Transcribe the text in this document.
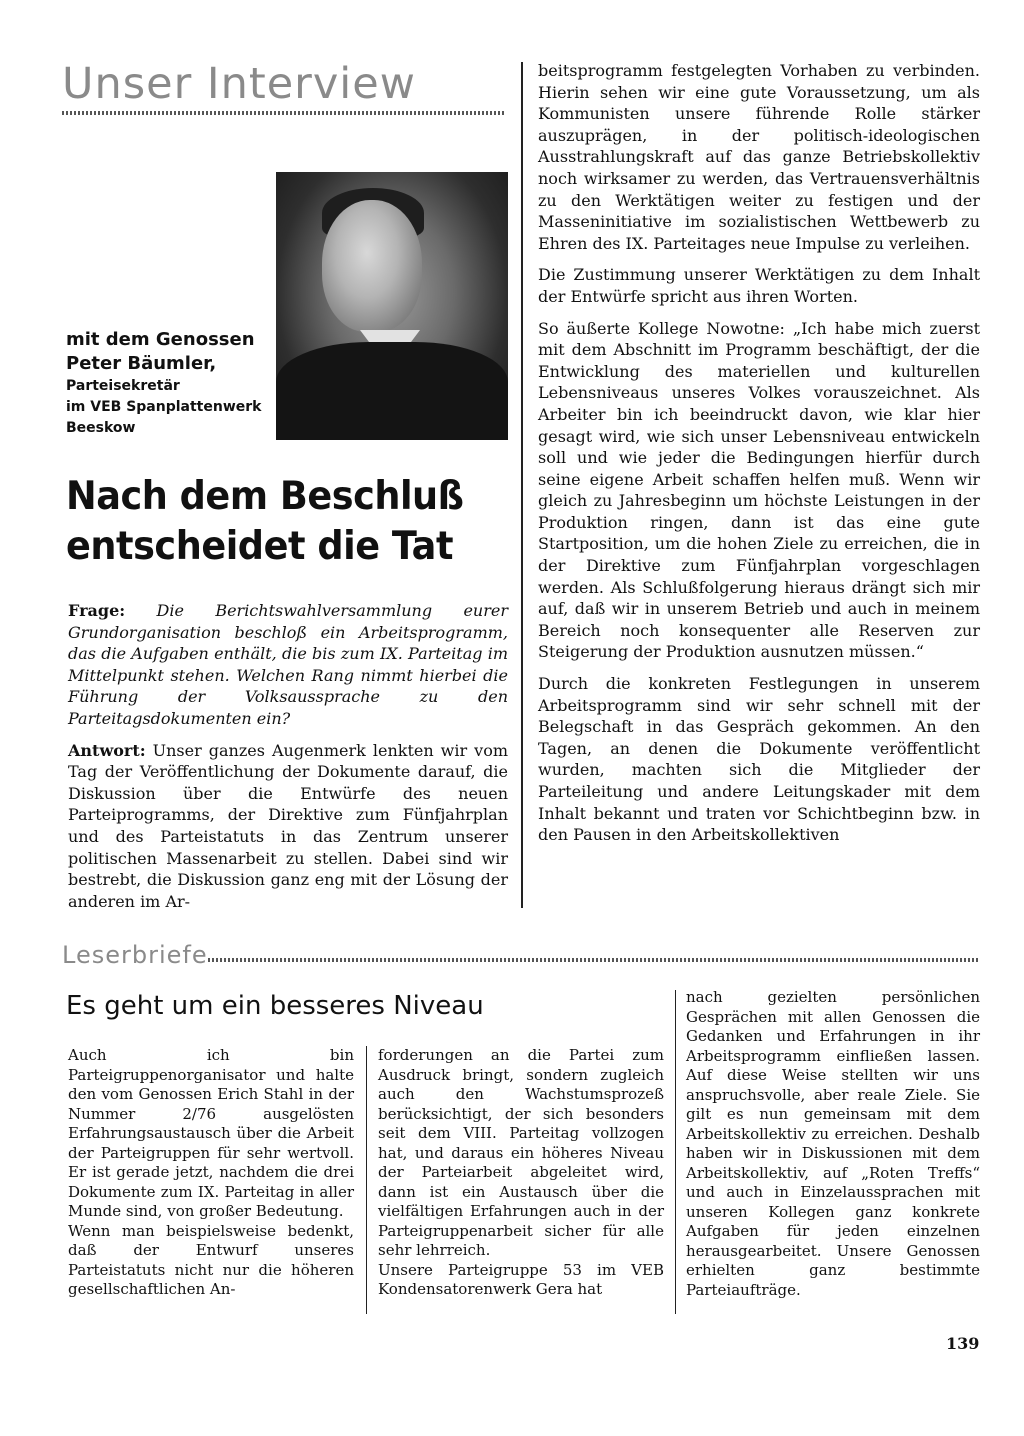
Unser Interview
mit dem Genossen
Peter Bäumler,
Parteisekretär
im VEB Spanplattenwerk
Beeskow
Nach dem Beschluß
entscheidet die Tat

Frage: Die Berichtswahlversammlung eurer Grundorganisation beschloß ein Arbeitsprogramm, das die Aufgaben enthält, die bis zum IX. Parteitag im Mittelpunkt stehen. Welchen Rang nimmt hierbei die Führung der Volksaussprache zu den Parteitagsdokumenten ein?

Antwort: Unser ganzes Augenmerk lenkten wir vom Tag der Veröffentlichung der Dokumente darauf, die Diskussion über die Entwürfe des neuen Parteiprogramms, der Direktive zum Fünfjahrplan und des Parteistatuts in das Zentrum unserer politischen Massenarbeit zu stellen. Dabei sind wir bestrebt, die Diskussion ganz eng mit der Lösung der anderen im Ar-

beitsprogramm festgelegten Vorhaben zu verbinden. Hierin sehen wir eine gute Voraussetzung, um als Kommunisten unsere führende Rolle stärker auszuprägen, in der politisch-ideologischen Ausstrahlungskraft auf das ganze Betriebskollektiv noch wirksamer zu werden, das Vertrauensverhältnis zu den Werktätigen weiter zu festigen und der Masseninitiative im sozialistischen Wettbewerb zu Ehren des IX. Parteitages neue Impulse zu verleihen.

Die Zustimmung unserer Werktätigen zu dem Inhalt der Entwürfe spricht aus ihren Worten.

So äußerte Kollege Nowotne: „Ich habe mich zuerst mit dem Abschnitt im Programm beschäftigt, der die Entwicklung des materiellen und kulturellen Lebensniveaus unseres Volkes vorauszeichnet. Als Arbeiter bin ich beeindruckt davon, wie klar hier gesagt wird, wie sich unser Lebensniveau entwickeln soll und wie jeder die Bedingungen hierfür durch seine eigene Arbeit schaffen helfen muß. Wenn wir gleich zu Jahresbeginn um höchste Leistungen in der Produktion ringen, dann ist das eine gute Startposition, um die hohen Ziele zu erreichen, die in der Direktive zum Fünfjahrplan vorgeschlagen werden. Als Schlußfolgerung hieraus drängt sich mir auf, daß wir in unserem Betrieb und auch in meinem Bereich noch konsequenter alle Reserven zur Steigerung der Produktion ausnutzen müssen.“

Durch die konkreten Festlegungen in unserem Arbeitsprogramm sind wir sehr schnell mit der Belegschaft in das Gespräch gekommen. An den Tagen, an denen die Dokumente veröffentlicht wurden, machten sich die Mitglieder der Parteileitung und andere Leitungskader mit dem Inhalt bekannt und traten vor Schichtbeginn bzw. in den Pausen in den Arbeitskollektiven

Leserbriefe
Es geht um ein besseres Niveau

Auch ich bin Parteigruppenorganisator und halte den vom Genossen Erich Stahl in der Nummer 2/76 ausgelösten Erfahrungsaustausch über die Arbeit der Parteigruppen für sehr wertvoll. Er ist gerade jetzt, nachdem die drei Dokumente zum IX. Parteitag in aller Munde sind, von großer Bedeutung.

Wenn man beispielsweise bedenkt, daß der Entwurf unseres Parteistatuts nicht nur die höheren gesellschaftlichen An-

forderungen an die Partei zum Ausdruck bringt, sondern zugleich auch den Wachstumsprozeß berücksichtigt, der sich besonders seit dem VIII. Parteitag vollzogen hat, und daraus ein höheres Niveau der Parteiarbeit abgeleitet wird, dann ist ein Austausch über die vielfältigen Erfahrungen auch in der Parteigruppenarbeit sicher für alle sehr lehrreich.

Unsere Parteigruppe 53 im VEB Kondensatorenwerk Gera hat

nach gezielten persönlichen Gesprächen mit allen Genossen die Gedanken und Erfahrungen in ihr Arbeitsprogramm einfließen lassen. Auf diese Weise stellten wir uns anspruchsvolle, aber reale Ziele. Sie gilt es nun gemeinsam mit dem Arbeitskollektiv zu erreichen. Deshalb haben wir in Diskussionen mit dem Arbeitskollektiv, auf „Roten Treffs“ und auch in Einzelaussprachen mit unseren Kollegen ganz konkrete Aufgaben für jeden einzelnen herausgearbeitet. Unsere Genossen erhielten ganz bestimmte Parteiaufträge.

139
